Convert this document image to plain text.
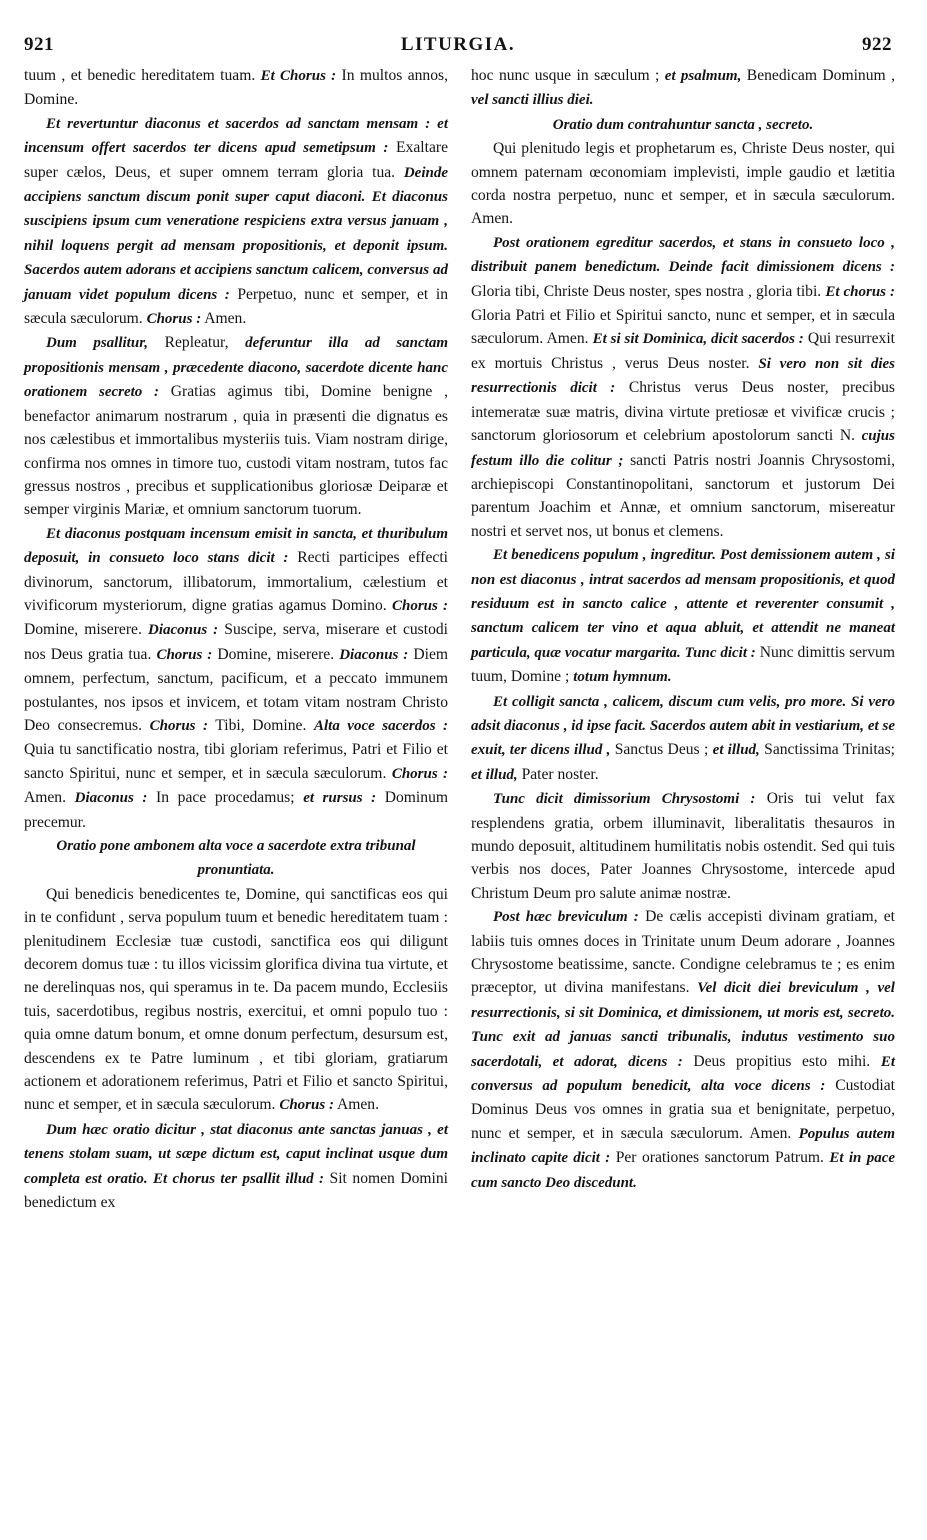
921	LITURGIA.	922

tuum , et benedic hereditatem tuam. Et Chorus : In multos annos, Domine.

Et revertuntur diaconus et sacerdos ad sanctam mensam : et incensum offert sacerdos ter dicens apud semetipsum : Exaltare super cælos, Deus, et super omnem terram gloria tua. Deinde accipiens sanctum discum ponit super caput diaconi. Et diaconus suscipiens ipsum cum veneratione respiciens extra versus januam , nihil loquens pergit ad mensam propositionis, et deponit ipsum. Sacerdos autem adorans et accipiens sanctum calicem, conversus ad januam videt populum dicens : Perpetuo, nunc et semper, et in sæcula sæculorum. Chorus : Amen.

Dum psallitur, Repleatur, deferuntur illa ad sanctam propositionis mensam , præcedente diacono, sacerdote dicente hanc orationem secreto : Gratias agimus tibi, Domine benigne , benefactor animarum nostrarum , quia in præsenti die dignatus es nos cælestibus et immortalibus mysteriis tuis. Viam nostram dirige, confirma nos omnes in timore tuo, custodi vitam nostram, tutos fac gressus nostros , precibus et supplicationibus gloriosæ Deiparæ et semper virginis Mariæ, et omnium sanctorum tuorum.

Et diaconus postquam incensum emisit in sancta, et thuribulum deposuit, in consueto loco stans dicit : Recti participes effecti divinorum, sanctorum, illibatorum, immortalium, cælestium et vivificorum mysteriorum, digne gratias agamus Domino. Chorus : Domine, miserere. Diaconus : Suscipe, serva, miserare et custodi nos Deus gratia tua. Chorus : Domine, miserere. Diaconus : Diem omnem, perfectum, sanctum, pacificum, et a peccato immunem postulantes, nos ipsos et invicem, et totam vitam nostram Christo Deo consecremus. Chorus : Tibi, Domine. Alta voce sacerdos : Quia tu sanctificatio nostra, tibi gloriam referimus, Patri et Filio et sancto Spiritui, nunc et semper, et in sæcula sæculorum. Chorus : Amen. Diaconus : In pace procedamus; et rursus : Dominum precemur.

Oratio pone ambonem alta voce a sacerdote extra tribunal pronuntiata.

Qui benedicis benedicentes te, Domine, qui sanctificas eos qui in te confidunt , serva populum tuum et benedic hereditatem tuam : plenitudinem Ecclesiæ tuæ custodi, sanctifica eos qui diligunt decorem domus tuæ : tu illos vicissim glorifica divina tua virtute, et ne derelinquas nos, qui speramus in te. Da pacem mundo, Ecclesiis tuis, sacerdotibus, regibus nostris, exercitui, et omni populo tuo : quia omne datum bonum, et omne donum perfectum, desursum est, descendens ex te Patre luminum , et tibi gloriam, gratiarum actionem et adorationem referimus, Patri et Filio et sancto Spiritui, nunc et semper, et in sæcula sæculorum. Chorus : Amen.

Dum hæc oratio dicitur , stat diaconus ante sanctas januas , et tenens stolam suam, ut sæpe dictum est, caput inclinat usque dum completa est oratio. Et chorus ter psallit illud : Sit nomen Domini benedictum ex

hoc nunc usque in sæculum ; et psalmum, Benedicam Dominum , vel sancti illius diei.

Oratio dum contrahuntur sancta , secreto.

Qui plenitudo legis et prophetarum es, Christe Deus noster, qui omnem paternam œconomiam implevisti, imple gaudio et lætitia corda nostra perpetuo, nunc et semper, et in sæcula sæculorum. Amen.

Post orationem egreditur sacerdos, et stans in consueto loco , distribuit panem benedictum. Deinde facit dimissionem dicens : Gloria tibi, Christe Deus noster, spes nostra , gloria tibi. Et chorus : Gloria Patri et Filio et Spiritui sancto, nunc et semper, et in sæcula sæculorum. Amen. Et si sit Dominica, dicit sacerdos : Qui resurrexit ex mortuis Christus , verus Deus noster. Si vero non sit dies resurrectionis dicit : Christus verus Deus noster, precibus intemeratæ suæ matris, divina virtute pretiosæ et vivificæ crucis ; sanctorum gloriosorum et celebrium apostolorum sancti N. cujus festum illo die colitur ; sancti Patris nostri Joannis Chrysostomi, archiepiscopi Constantinopolitani, sanctorum et justorum Dei parentum Joachim et Annæ, et omnium sanctorum, misereatur nostri et servet nos, ut bonus et clemens.

Et benedicens populum , ingreditur. Post demissionem autem , si non est diaconus , intrat sacerdos ad mensam propositionis, et quod residuum est in sancto calice , attente et reverenter consumit , sanctum calicem ter vino et aqua abluit, et attendit ne maneat particula, quæ vocatur margarita. Tunc dicit : Nunc dimittis servum tuum, Domine ; totum hymnum.

Et colligit sancta , calicem, discum cum velis, pro more. Si vero adsit diaconus , id ipse facit. Sacerdos autem abit in vestiarium, et se exuit, ter dicens illud , Sanctus Deus ; et illud, Sanctissima Trinitas; et illud, Pater noster.

Tunc dicit dimissorium Chrysostomi : Oris tui velut fax resplendens gratia, orbem illuminavit, liberalitatis thesauros in mundo deposuit, altitudinem humilitatis nobis ostendit. Sed qui tuis verbis nos doces, Pater Joannes Chrysostome, intercede apud Christum Deum pro salute animæ nostræ.

Post hæc breviculum : De cælis accepisti divinam gratiam, et labiis tuis omnes doces in Trinitate unum Deum adorare , Joannes Chrysostome beatissime, sancte. Condigne celebramus te ; es enim præceptor, ut divina manifestans. Vel dicit diei breviculum , vel resurrectionis, si sit Dominica, et dimissionem, ut moris est, secreto. Tunc exit ad januas sancti tribunalis, indutus vestimento suo sacerdotali, et adorat, dicens : Deus propitius esto mihi. Et conversus ad populum benedicit, alta voce dicens : Custodiat Dominus Deus vos omnes in gratia sua et benignitate, perpetuo, nunc et semper, et in sæcula sæculorum. Amen. Populus autem inclinato capite dicit : Per orationes sanctorum Patrum. Et in pace cum sancto Deo discedunt.
